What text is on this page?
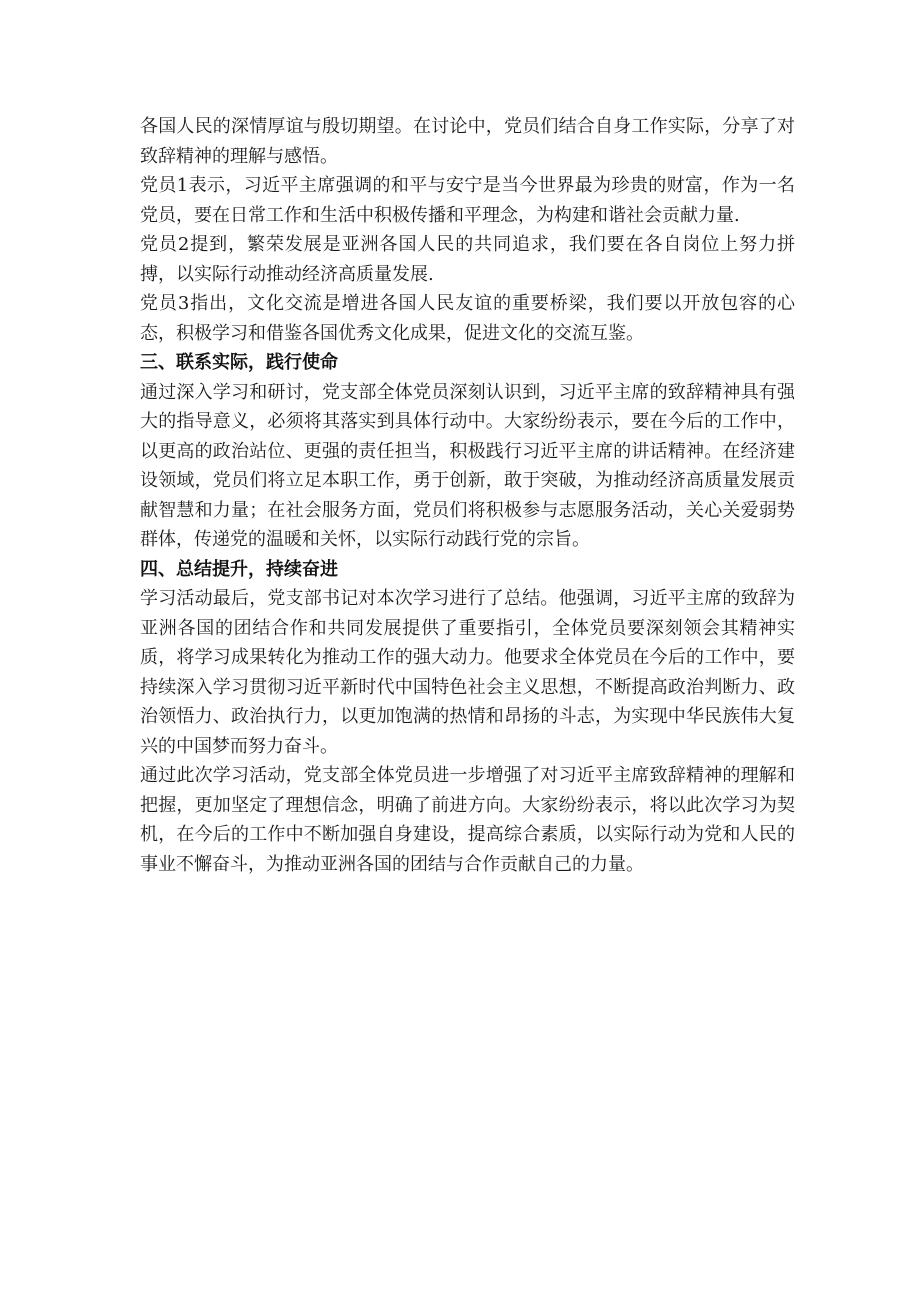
各国人民的深情厚谊与殷切期望。在讨论中，党员们结合自身工作实际，分享了对致辞精神的理解与感悟。

党员1表示，习近平主席强调的和平与安宁是当今世界最为珍贵的财富，作为一名党员，要在日常工作和生活中积极传播和平理念，为构建和谐社会贡献力量.

党员2提到，繁荣发展是亚洲各国人民的共同追求，我们要在各自岗位上努力拼搏，以实际行动推动经济高质量发展.

党员3指出，文化交流是增进各国人民友谊的重要桥梁，我们要以开放包容的心态，积极学习和借鉴各国优秀文化成果，促进文化的交流互鉴。

三、联系实际，践行使命

通过深入学习和研讨，党支部全体党员深刻认识到，习近平主席的致辞精神具有强大的指导意义，必须将其落实到具体行动中。大家纷纷表示，要在今后的工作中，以更高的政治站位、更强的责任担当，积极践行习近平主席的讲话精神。在经济建设领域，党员们将立足本职工作，勇于创新，敢于突破，为推动经济高质量发展贡献智慧和力量；在社会服务方面，党员们将积极参与志愿服务活动，关心关爱弱势群体，传递党的温暖和关怀，以实际行动践行党的宗旨。

四、总结提升，持续奋进

学习活动最后，党支部书记对本次学习进行了总结。他强调，习近平主席的致辞为亚洲各国的团结合作和共同发展提供了重要指引，全体党员要深刻领会其精神实质，将学习成果转化为推动工作的强大动力。他要求全体党员在今后的工作中，要持续深入学习贯彻习近平新时代中国特色社会主义思想，不断提高政治判断力、政治领悟力、政治执行力，以更加饱满的热情和昂扬的斗志，为实现中华民族伟大复兴的中国梦而努力奋斗。

通过此次学习活动，党支部全体党员进一步增强了对习近平主席致辞精神的理解和把握，更加坚定了理想信念，明确了前进方向。大家纷纷表示，将以此次学习为契机，在今后的工作中不断加强自身建设，提高综合素质，以实际行动为党和人民的事业不懈奋斗，为推动亚洲各国的团结与合作贡献自己的力量。
